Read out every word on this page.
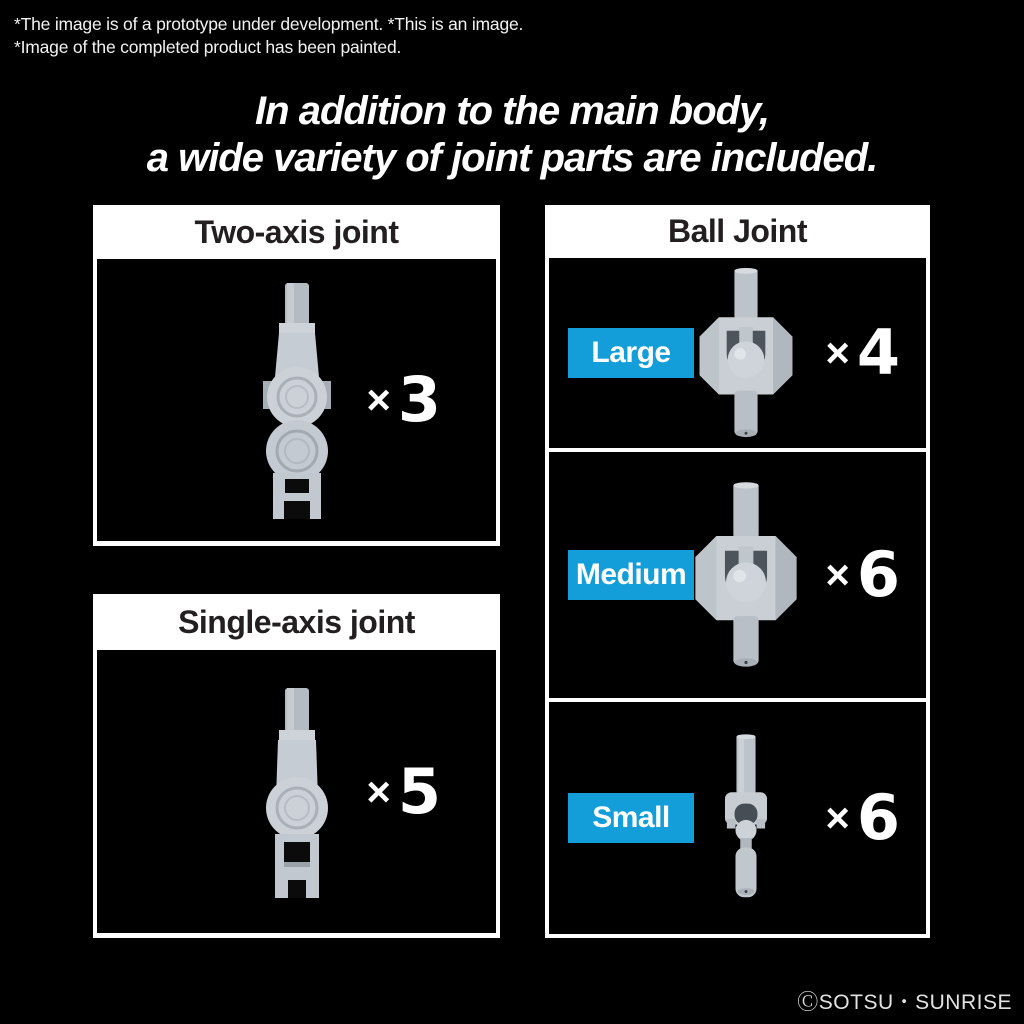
*The image is of a prototype under development. *This is an image.
*Image of the completed product has been painted.
In addition to the main body,
a wide variety of joint parts are included.
Two-axis joint
× 3
Single-axis joint
× 5
Ball Joint
Large	× 4
Medium	× 6
Small	× 6
ⒸSOTSU・SUNRISE
